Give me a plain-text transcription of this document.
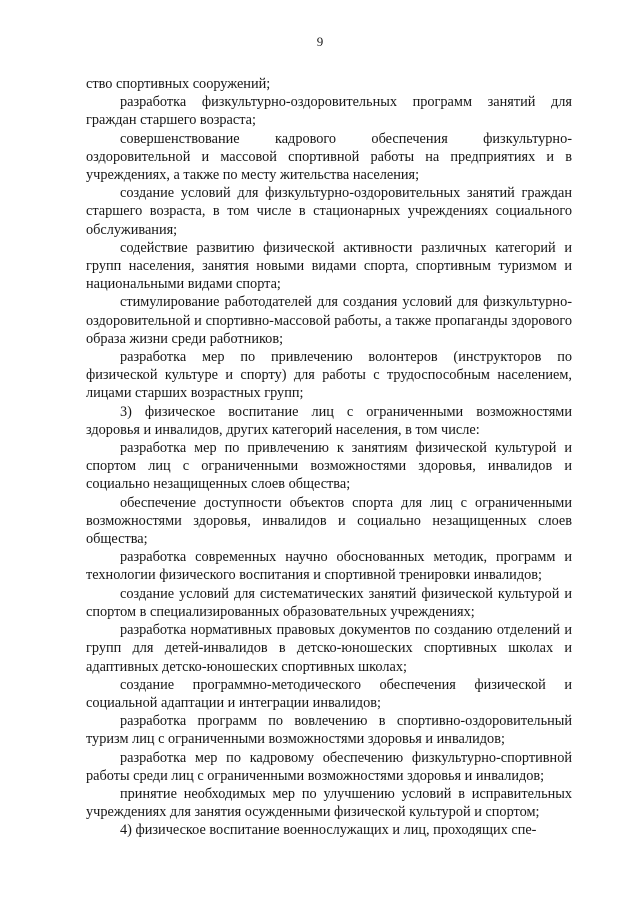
9

ство спортивных сооружений;

разработка физкультурно-оздоровительных программ занятий для граждан старшего возраста;

совершенствование кадрового обеспечения физкультурно-оздоровительной и массовой спортивной работы на предприятиях и в учреждениях, а также по месту жительства населения;

создание условий для физкультурно-оздоровительных занятий граждан старшего возраста, в том числе в стационарных учреждениях социального обслуживания;

содействие развитию физической активности различных категорий и групп населения, занятия новыми видами спорта, спортивным туризмом и национальными видами спорта;

стимулирование работодателей для создания условий для физкультурно-оздоровительной и спортивно-массовой работы, а также пропаганды здорового образа жизни среди работников;

разработка мер по привлечению волонтеров (инструкторов по физической культуре и спорту) для работы с трудоспособным населением, лицами старших возрастных групп;

3) физическое воспитание лиц с ограниченными возможностями здоровья и инвалидов, других категорий населения, в том числе:

разработка мер по привлечению к занятиям физической культурой и спортом лиц с ограниченными возможностями здоровья, инвалидов и социально незащищенных слоев общества;

обеспечение доступности объектов спорта для лиц с ограниченными возможностями здоровья, инвалидов и социально незащищенных слоев общества;

разработка современных научно обоснованных методик, программ и технологии физического воспитания и спортивной тренировки инвалидов;

создание условий для систематических занятий физической культурой и спортом в специализированных образовательных учреждениях;

разработка нормативных правовых документов по созданию отделений и групп для детей-инвалидов в детско-юношеских спортивных школах и адаптивных детско-юношеских спортивных школах;

создание программно-методического обеспечения физической и социальной адаптации и интеграции инвалидов;

разработка программ по вовлечению в спортивно-оздоровительный туризм лиц с ограниченными возможностями здоровья и инвалидов;

разработка мер по кадровому обеспечению физкультурно-спортивной работы среди лиц с ограниченными возможностями здоровья и инвалидов;

принятие необходимых мер по улучшению условий в исправительных учреждениях для занятия осужденными физической культурой и спортом;

4) физическое воспитание военнослужащих и лиц, проходящих спе-
